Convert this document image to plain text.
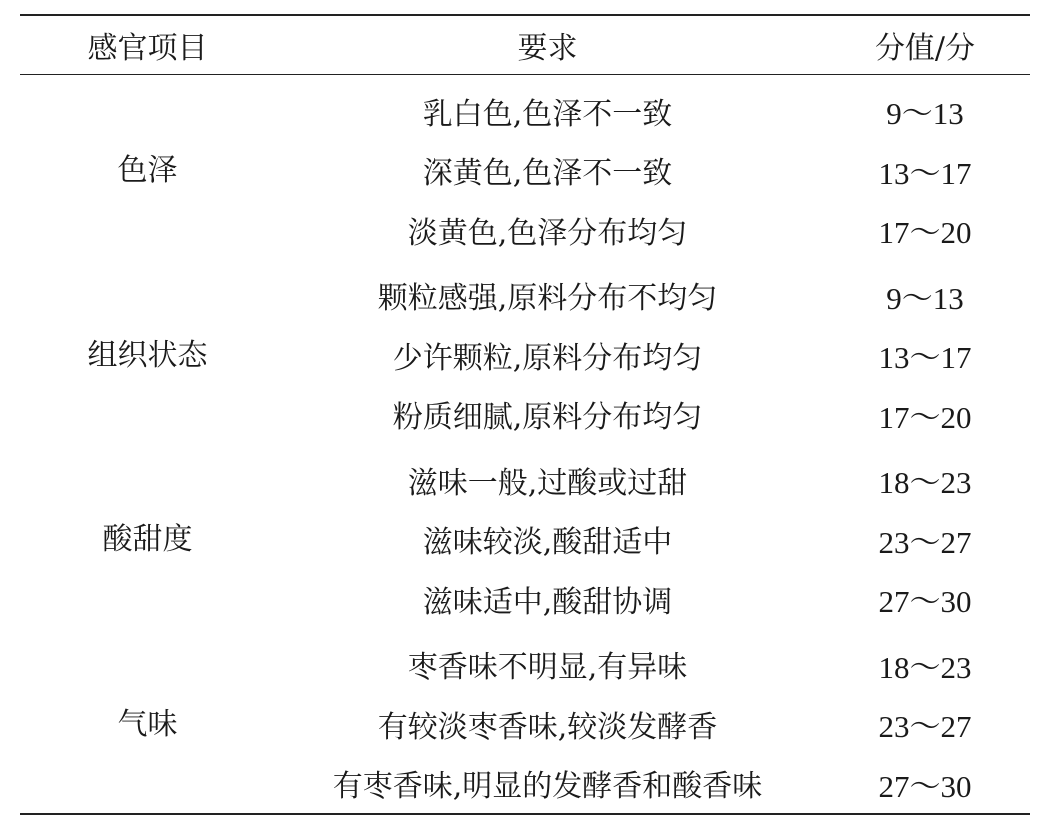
感官项目	要求	分值/分
色泽	乳白色,色泽不一致	9～13
	深黄色,色泽不一致	13～17
	淡黄色,色泽分布均匀	17～20
组织状态	颗粒感强,原料分布不均匀	9～13
	少许颗粒,原料分布均匀	13～17
	粉质细腻,原料分布均匀	17～20
酸甜度	滋味一般,过酸或过甜	18～23
	滋味较淡,酸甜适中	23～27
	滋味适中,酸甜协调	27～30
气味	枣香味不明显,有异味	18～23
	有较淡枣香味,较淡发酵香	23～27
	有枣香味,明显的发酵香和酸香味	27～30
